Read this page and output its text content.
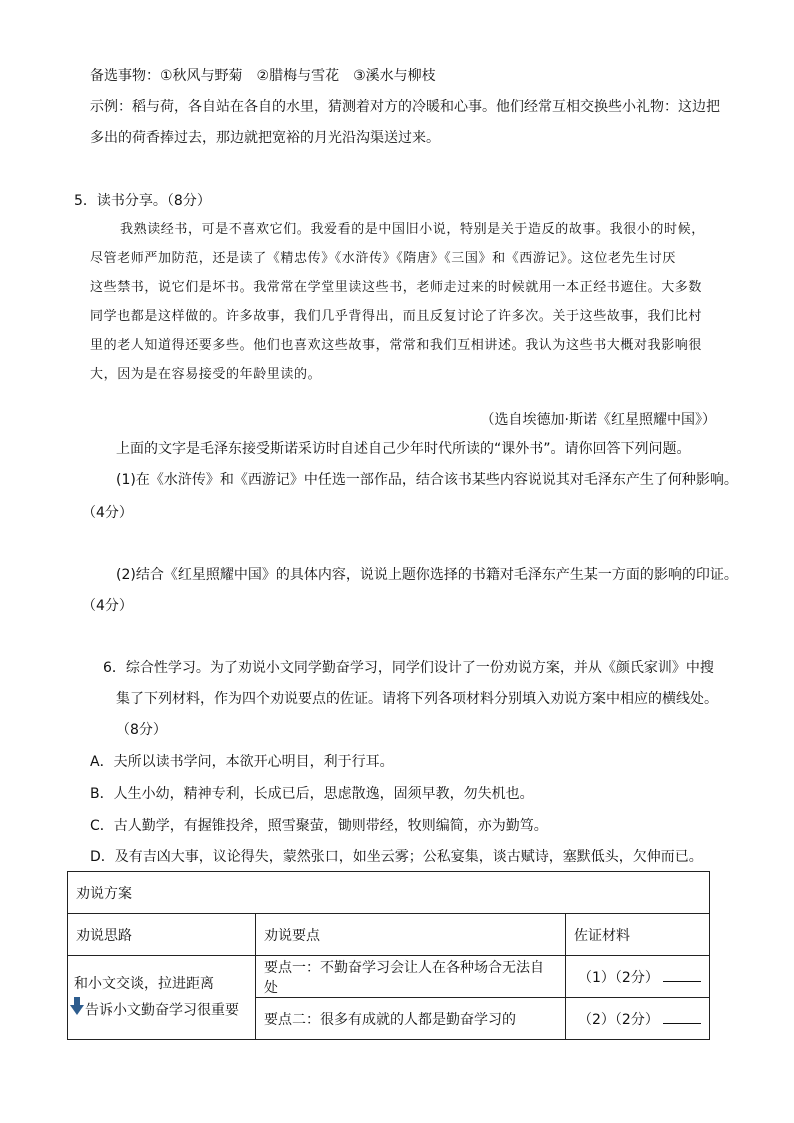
备选事物：①秋风与野菊　②腊梅与雪花　③溪水与柳枝
示例：稻与荷，各自站在各自的水里，猜测着对方的冷暖和心事。他们经常互相交换些小礼物：这边把
多出的荷香捧过去，那边就把宽裕的月光沿沟渠送过来。
5．读书分享。（8分）
我熟读经书，可是不喜欢它们。我爱看的是中国旧小说，特别是关于造反的故事。我很小的时候，
尽管老师严加防范，还是读了《精忠传》《水浒传》《隋唐》《三国》和《西游记》。这位老先生讨厌
这些禁书，说它们是坏书。我常常在学堂里读这些书，老师走过来的时候就用一本正经书遮住。大多数
同学也都是这样做的。许多故事，我们几乎背得出，而且反复讨论了许多次。关于这些故事，我们比村
里的老人知道得还要多些。他们也喜欢这些故事，常常和我们互相讲述。我认为这些书大概对我影响很
大，因为是在容易接受的年龄里读的。
（选自埃德加·斯诺《红星照耀中国》）
上面的文字是毛泽东接受斯诺采访时自述自己少年时代所读的“课外书”。请你回答下列问题。
(1)在《水浒传》和《西游记》中任选一部作品，结合该书某些内容说说其对毛泽东产生了何种影响。
（4分）
(2)结合《红星照耀中国》的具体内容，说说上题你选择的书籍对毛泽东产生某一方面的影响的印证。
（4分）
6．综合性学习。为了劝说小文同学勤奋学习，同学们设计了一份劝说方案，并从《颜氏家训》中搜
集了下列材料，作为四个劝说要点的佐证。请将下列各项材料分别填入劝说方案中相应的横线处。
（8分）
A．夫所以读书学问，本欲开心明目，利于行耳。
B．人生小幼，精神专利，长成已后，思虑散逸，固须早教，勿失机也。
C．古人勤学，有握锥投斧，照雪聚萤，锄则带经，牧则编简，亦为勤笃。
D．及有吉凶大事，议论得失，蒙然张口，如坐云雾；公私宴集，谈古赋诗，塞默低头，欠伸而已。
劝说方案		
劝说思路	劝说要点	佐证材料

和小文交谈，拉进距离
告诉小文勤奋学习很重要	要点一：不勤奋学习会让人在各种场合无法自处	（1）（2分）
	要点二：很多有成就的人都是勤奋学习的	（2）（2分）
